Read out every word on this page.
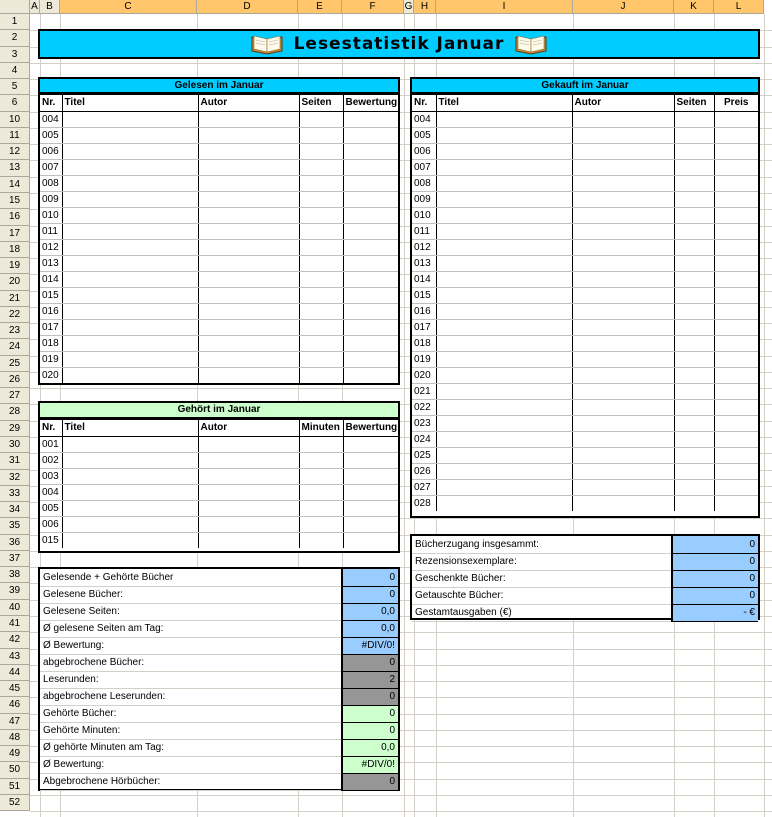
A B	C	D	E	F	G H	I	J	K	L
1
2
3
4
5
6
10
11
12
13
14
15
16
17
18
19
20
21
22
23
24
25
26
27
28
29
30
31
32
33
34
35
36
37
38
39
40
41
42
43
44
45
46
47
48
49
50
51
52
Lesestatistik Januar
Gelesen im Januar
Nr.	Titel	Autor	Seiten	Bewertung
004				
005				
006				
007				
008				
009				
010				
011				
012				
013				
014				
015				
016				
017				
018				
019				
020				
Gehört im Januar
Nr.	Titel	Autor	Minuten	Bewertung
001				
002				
003				
004				
005				
006				
015				
Gekauft im Januar
Nr.	Titel	Autor	Seiten	Preis
004				
005				
006				
007				
008				
009				
010				
011				
012				
013				
014				
015				
016				
017				
018				
019				
020				
021				
022				
023				
024				
025				
026				
027				
028				
Bücherzugang insgesammt:	0
Rezensionsexemplare:	0
Geschenkte Bücher:	0
Getauschte Bücher:	0
Gestamtausgaben (€)	- €
Gelesende + Gehörte Bücher	0
Gelesene Bücher:	0
Gelesene Seiten:	0,0
Ø gelesene Seiten am Tag:	0,0
Ø Bewertung:	#DIV/0!
abgebrochene Bücher:	0
Leserunden:	2
abgebrochene Leserunden:	0
Gehörte Bücher:	0
Gehörte Minuten:	0
Ø gehörte Minuten am Tag:	0,0
Ø Bewertung:	#DIV/0!
Abgebrochene Hörbücher:	0
